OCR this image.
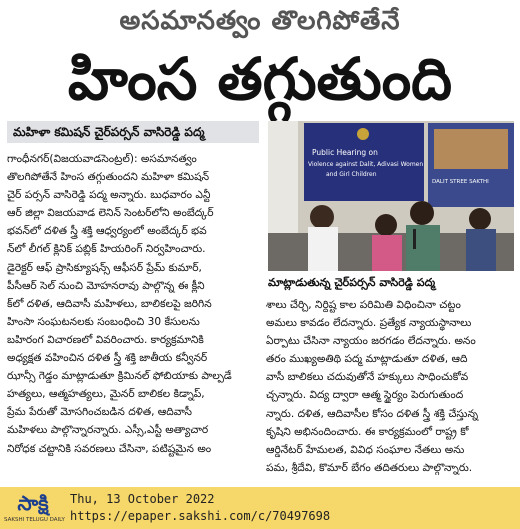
అసమానత్వం తొలగిపోతేనే
హింస తగ్గుతుంది
మహిళా కమిషన్ చైర్‌పర్సన్ వాసిరెడ్డి పద్మ

గాంధీనగర్(విజయవాడసెంట్రల్): అసమానత్వం

తొలగిపోతేనే హింస తగ్గుతుందని మహిళా కమిషన్

చైర్ పర్సన్ వాసిరెడ్డి పద్మ అన్నారు. బుధవారం ఎన్టీ

ఆర్ జిల్లా విజయవాడ లెనిన్ సెంటర్‌లోని అంబేద్కర్

భవన్‌లో దళిత స్త్రీ శక్తి ఆధ్వర్యంలో అంబేద్కర్ భవ

న్‌లో లీగల్ క్లినిక్ పబ్లిక్ హియరింగ్ నిర్వహించారు.

డైరెక్టర్ ఆఫ్ ప్రాసిక్యూషన్స్ ఆఫీసర్ ప్రేమ్ కుమార్,

పీసీఆర్ సెల్ నుంచి మోహనరావు పాల్గొన్న ఈ క్లీని

క్‌లో దళిత, ఆదివాసీ మహిళలు, బాలికలపై జరిగిన

హింసా సంఘటనలకు సంబంధించి 30 కేసులను

బహిరంగ విచారణలో వివరించారు. కార్యక్రమానికి

అధ్యక్షత వహించిన దళిత స్త్రీ శక్తి జాతీయ కన్వీనర్

ఝాన్సీ గెడ్డం మాట్లాడుతూ క్రిమినల్ ఫోబియాకు పాల్పడే

హత్యలు, ఆత్మహత్యలు, మైనర్ బాలికల కిడ్నాప్,

ప్రేమ పేరుతో మోసగించబడిన దళిత, ఆదివాసీ

మహిళలు పాల్గొన్నారన్నారు. ఎస్సీ,ఎస్టీ అత్యాచార

నిరోధక చట్టానికి సవరణలు చేసినా, పటిష్టమైన అం

Public Hearing on
Violence against Dalit, Adivasi Women
and Girl Children
DALIT STREE SAKTHI
మాట్లాడుతున్న చైర్‌పర్సన్ వాసిరెడ్డి పద్మ

శాలు చేర్చి, నిర్దిష్ట కాల పరిమితి విధించినా చట్టం

అమలు కావడం లేదన్నారు. ప్రత్యేక న్యాయస్థానాలు

ఏర్పాటు చేసినా న్యాయం జరగడం లేదన్నారు. అనం

తరం ముఖ్యఅతిథి పద్మ మాట్లాడుతూ దళిత, ఆది

వాసీ బాలికలు చదువుతోనే హక్కులు సాధించుకోవ

చ్చన్నారు. విద్య ద్వారా ఆత్మ స్థైర్యం పెరుగుతుంద

న్నారు. దళిత, ఆదివాసీల కోసం దళిత స్త్రీ శక్తి చేస్తున్న

కృషిని అభినందించారు. ఈ కార్యక్రమంలో రాష్ట్ర కో

ఆర్డినేటర్ హేమలత, వివిధ సంఘాల నేతలు అను

పమ, శ్రీదేవి, కొమార్ బేగం తదితరులు పాల్గొన్నారు.

సాక్షి
SAKSHI TELUGU DAILY
Thu, 13 October 2022
https://epaper.sakshi.com/c/70497698
